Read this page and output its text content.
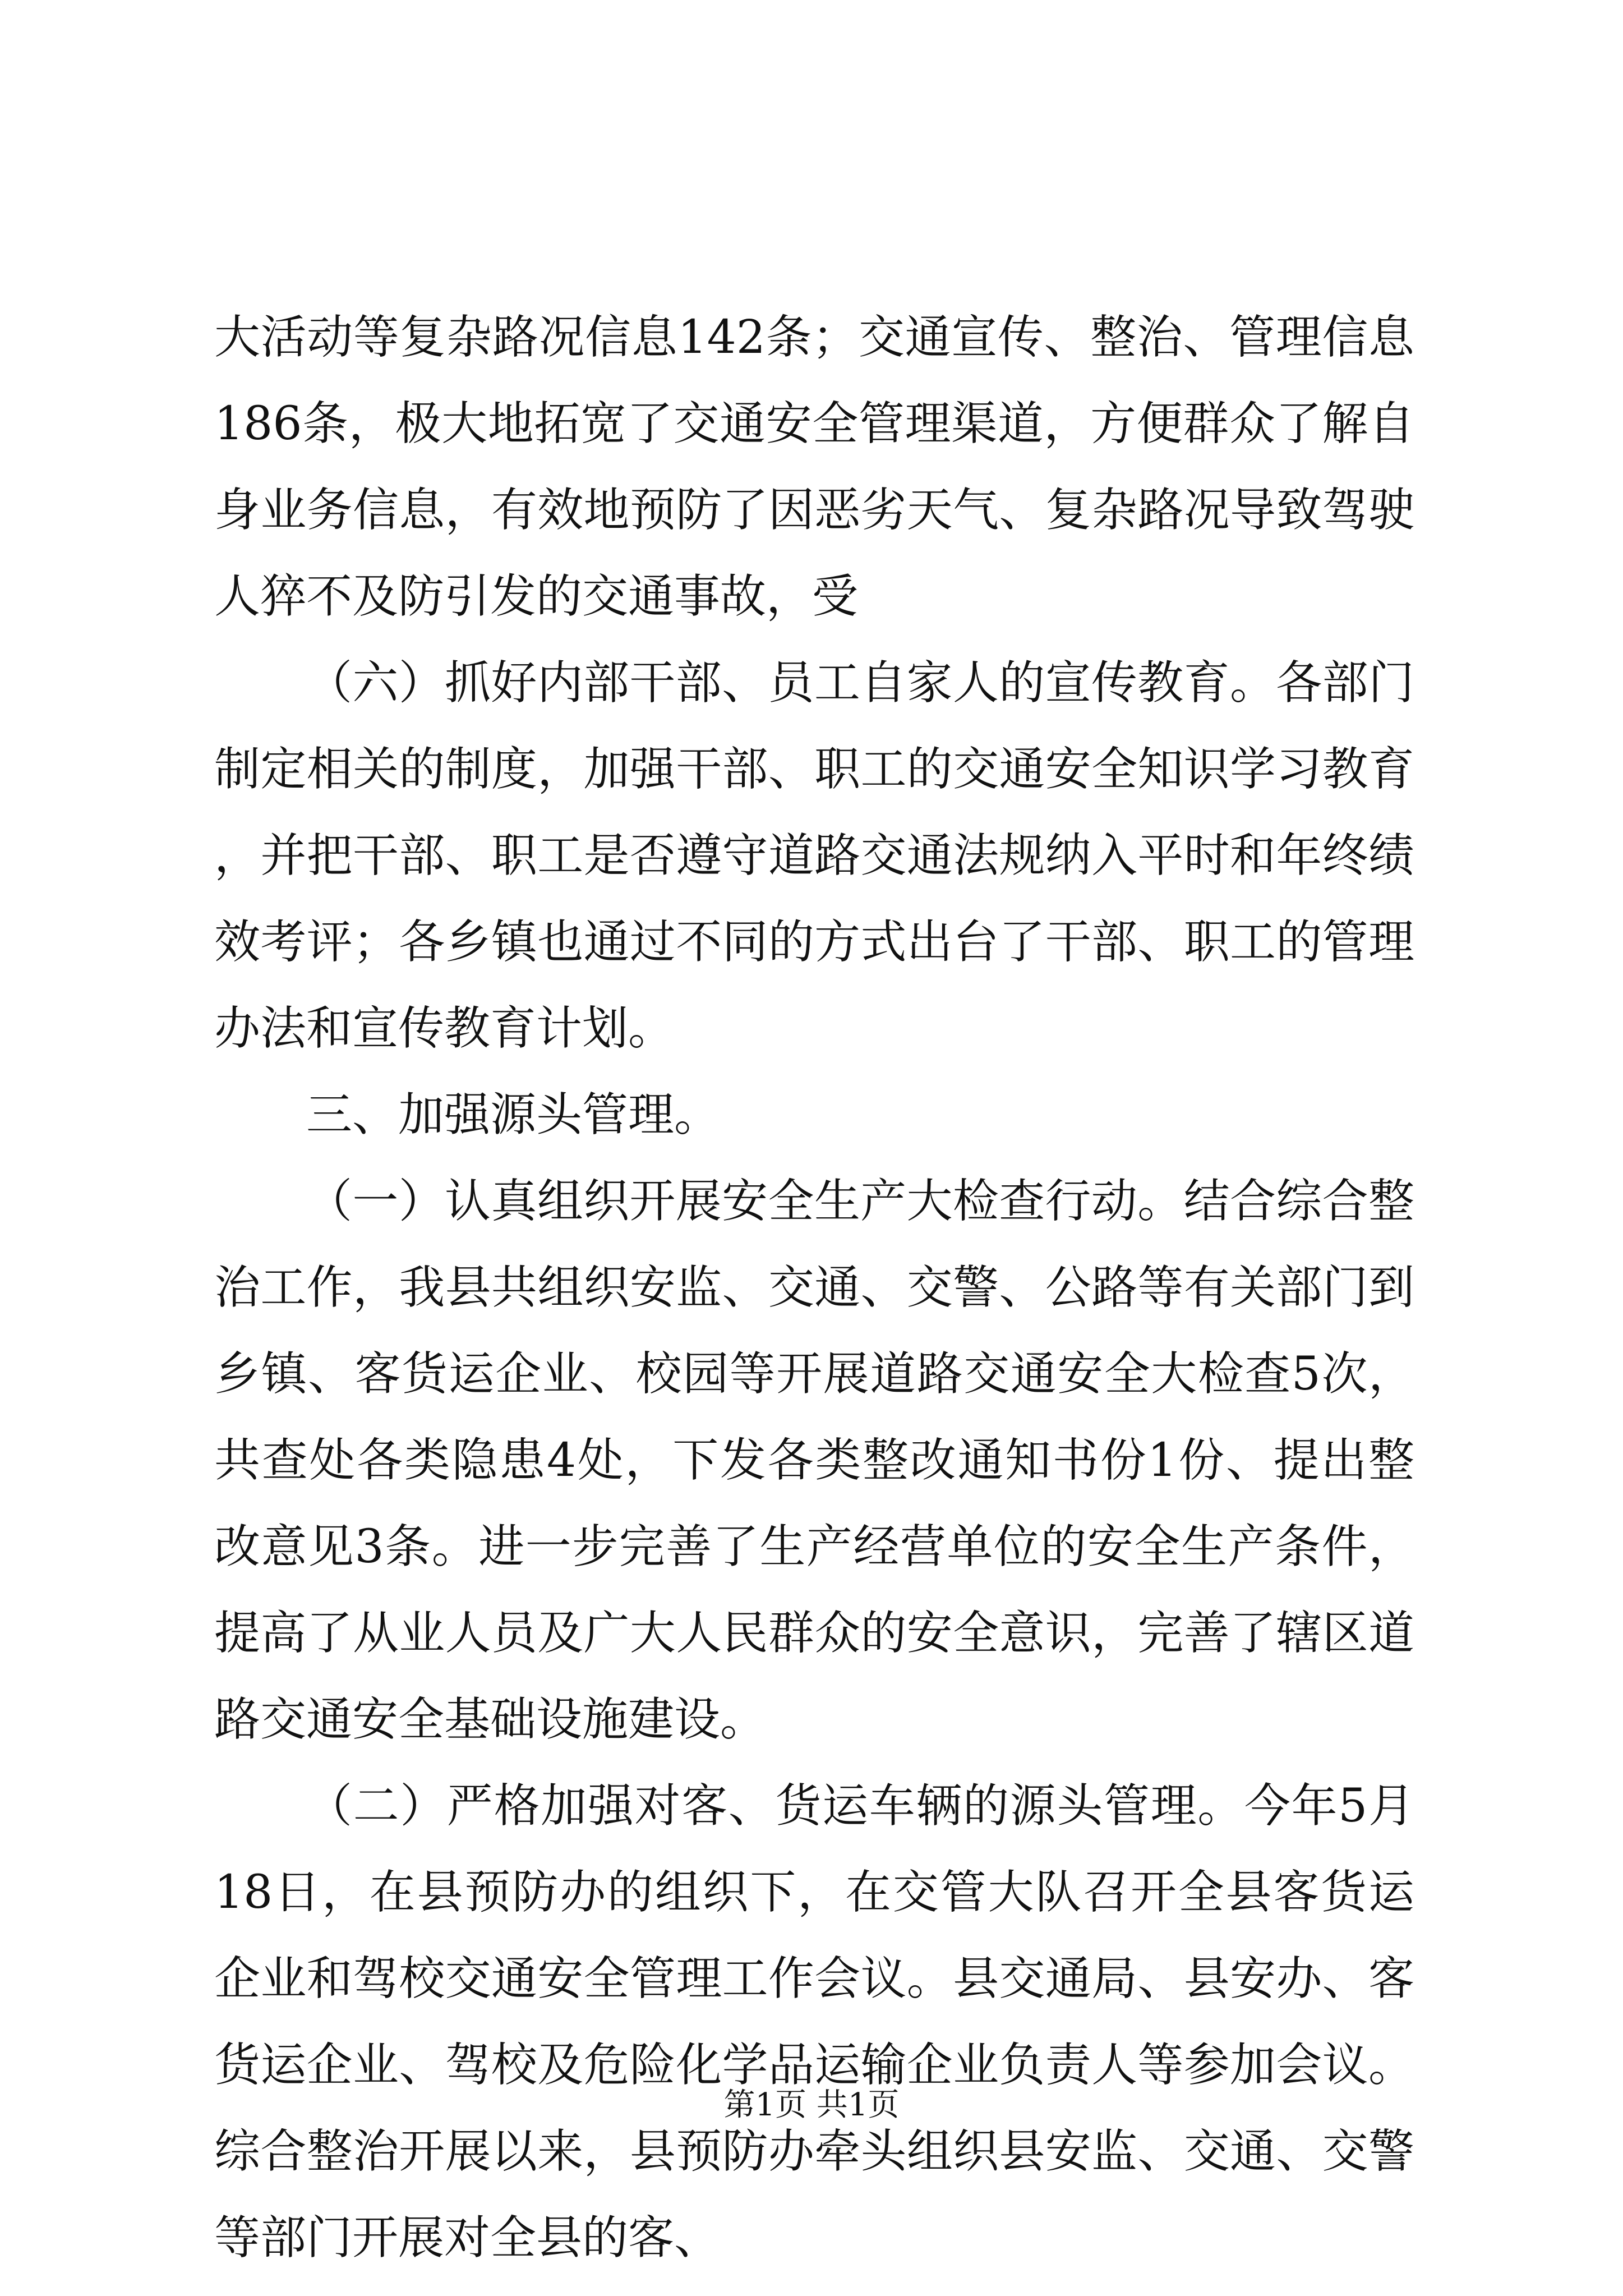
大活动等复杂路况信息142条；交通宣传、整治、管理信息186条，极大地拓宽了交通安全管理渠道，方便群众了解自身业务信息，有效地预防了因恶劣天气、复杂路况导致驾驶人猝不及防引发的交通事故，受

（六）抓好内部干部、员工自家人的宣传教育。各部门制定相关的制度，加强干部、职工的交通安全知识学习教育，并把干部、职工是否遵守道路交通法规纳入平时和年终绩效考评；各乡镇也通过不同的方式出台了干部、职工的管理办法和宣传教育计划。

三、加强源头管理。

（一）认真组织开展安全生产大检查行动。结合综合整治工作，我县共组织安监、交通、交警、公路等有关部门到乡镇、客货运企业、校园等开展道路交通安全大检查5次，共查处各类隐患4处，下发各类整改通知书份1份、提出整改意见3条。进一步完善了生产经营单位的安全生产条件，提高了从业人员及广大人民群众的安全意识，完善了辖区道路交通安全基础设施建设。

（二）严格加强对客、货运车辆的源头管理。今年5月18日，在县预防办的组织下，在交管大队召开全县客货运企业和驾校交通安全管理工作会议。县交通局、县安办、客货运企业、驾校及危险化学品运输企业负责人等参加会议。综合整治开展以来，县预防办牵头组织县安监、交通、交警等部门开展对全县的客、

第1页 共1页
